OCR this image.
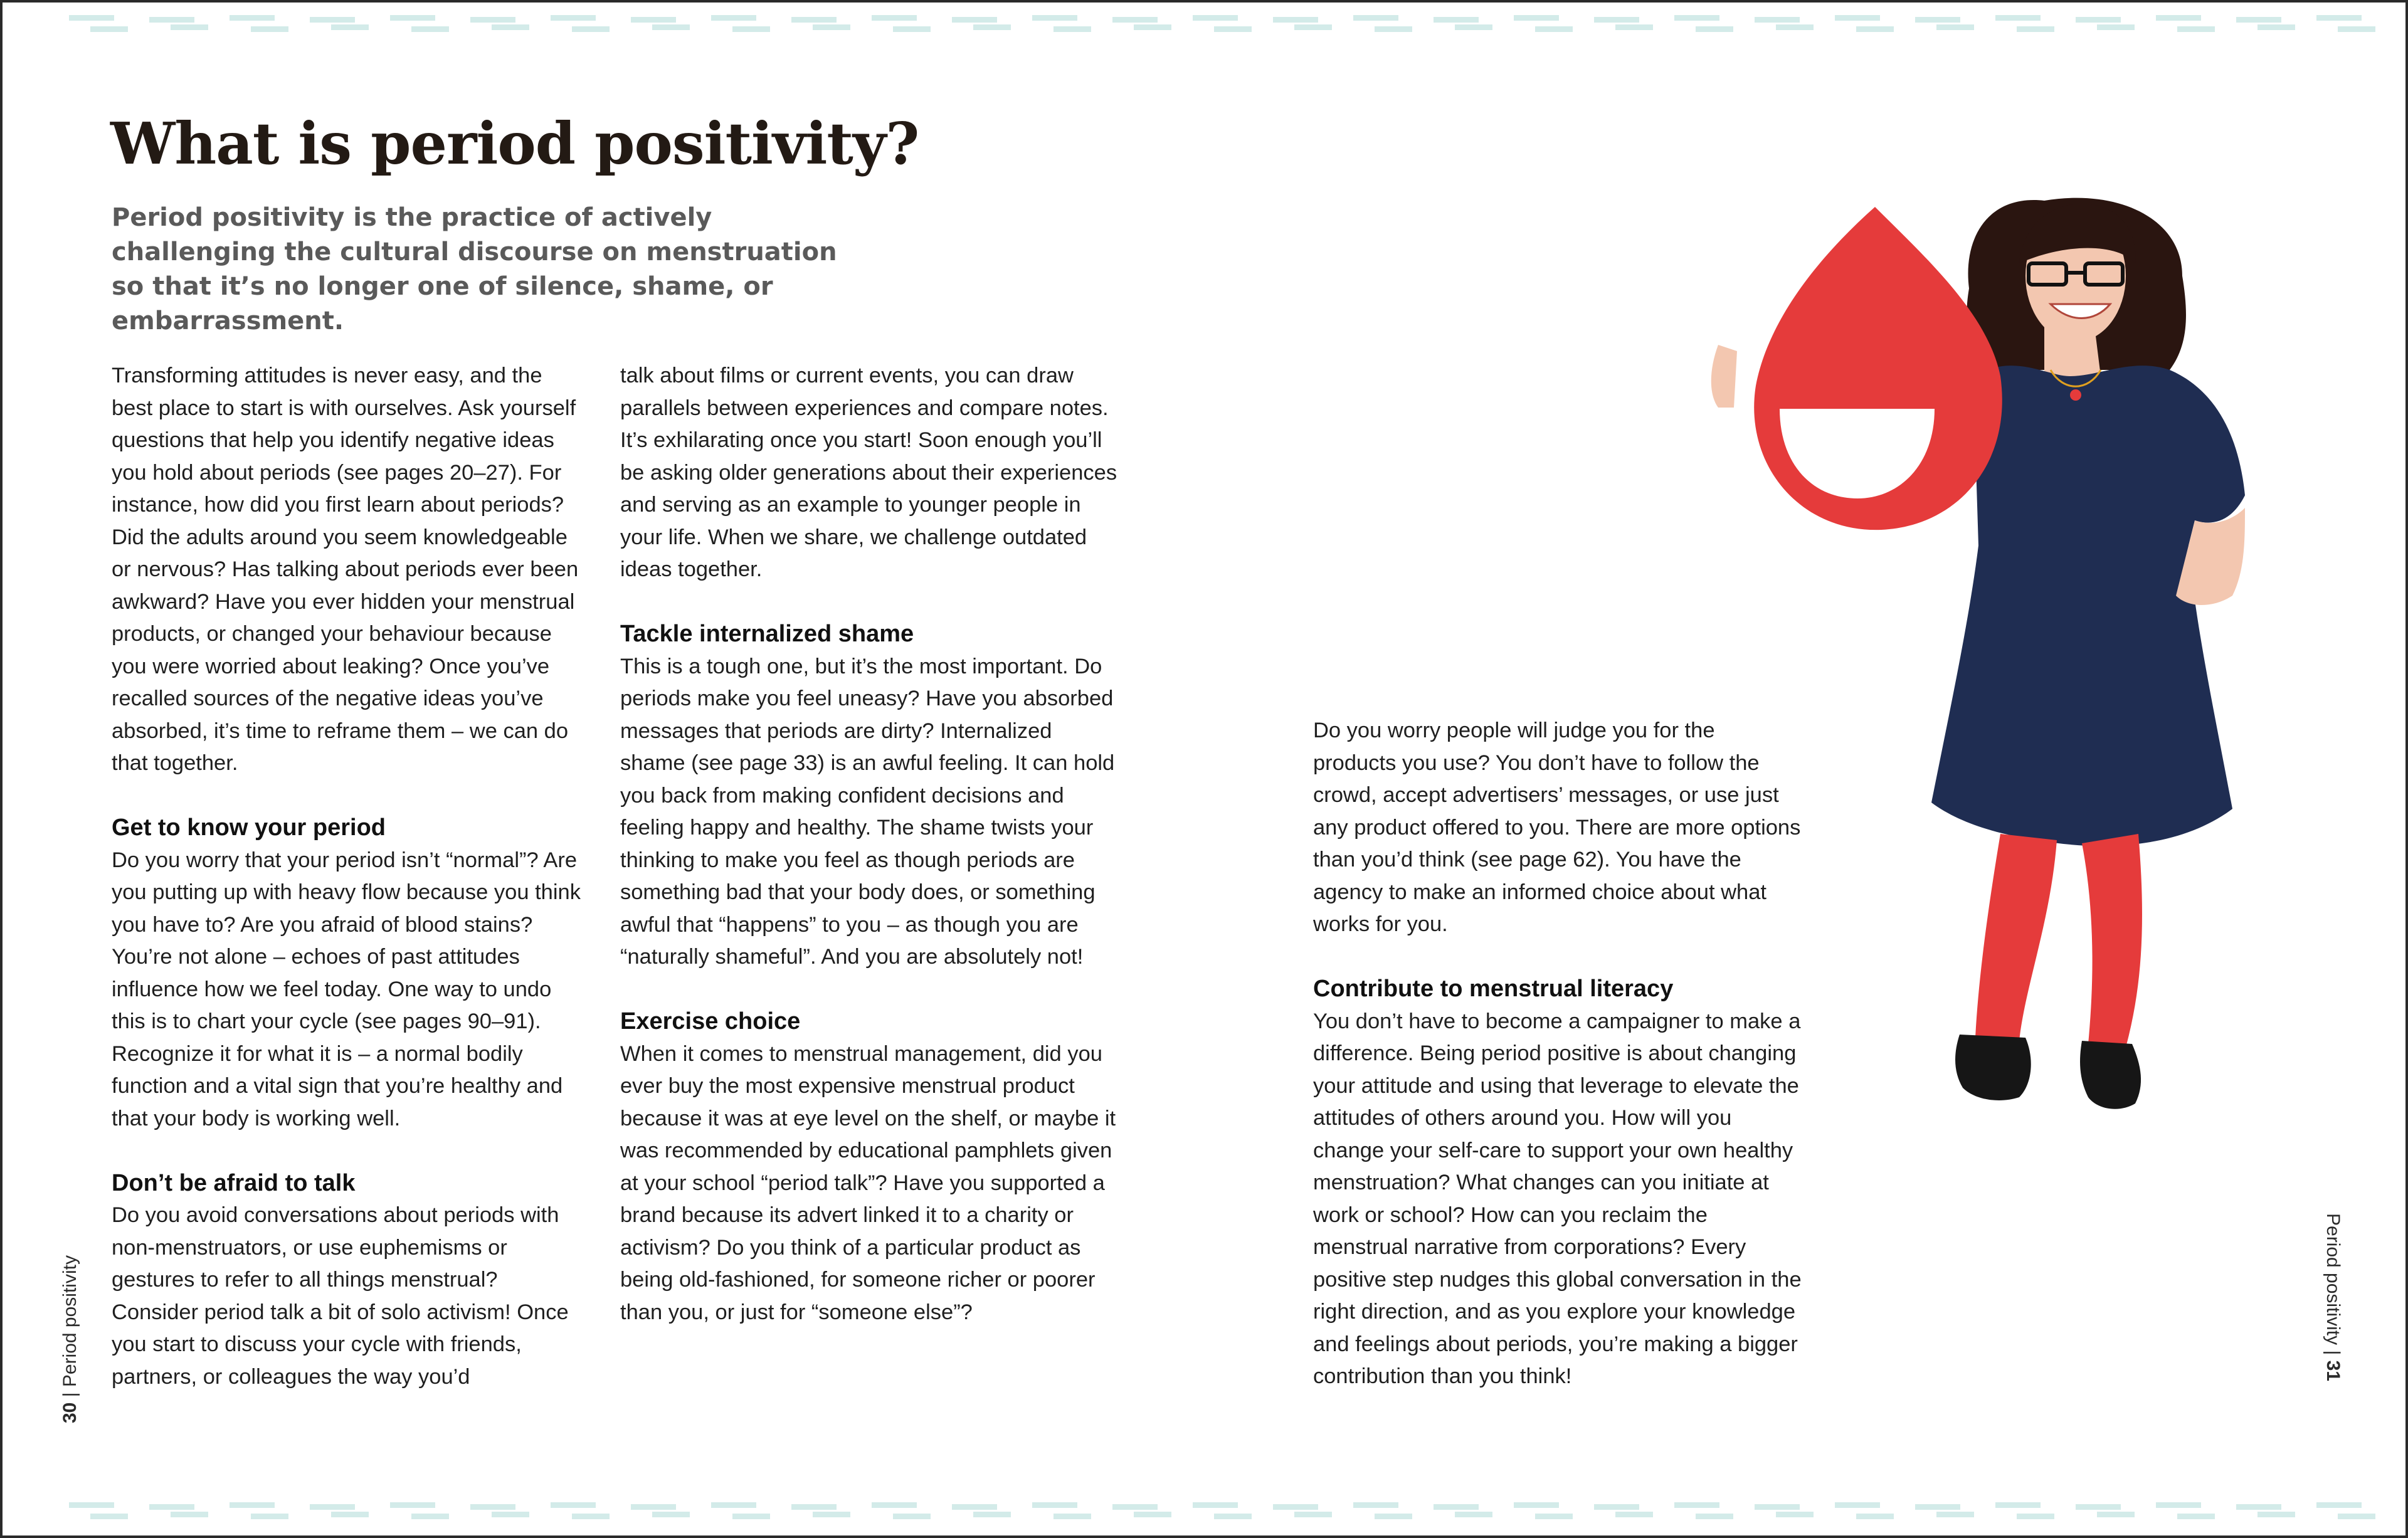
What is period positivity?

Period positivity is the practice of actively challenging the cultural discourse on menstruation so that it’s no longer one of silence, shame, or embarrassment.

Transforming attitudes is never easy, and the best place to start is with ourselves. Ask yourself questions that help you identify negative ideas you hold about periods (see pages 20–27). For instance, how did you first learn about periods? Did the adults around you seem knowledgeable or nervous? Has talking about periods ever been awkward? Have you ever hidden your menstrual products, or changed your behaviour because you were worried about leaking? Once you’ve recalled sources of the negative ideas you’ve absorbed, it’s time to reframe them – we can do that together.

Get to know your period

Do you worry that your period isn’t “normal”? Are you putting up with heavy flow because you think you have to? Are you afraid of blood stains? You’re not alone – echoes of past attitudes influence how we feel today. One way to undo this is to chart your cycle (see pages 90–91). Recognize it for what it is – a normal bodily function and a vital sign that you’re healthy and that your body is working well.

Don’t be afraid to talk

Do you avoid conversations about periods with non-menstruators, or use euphemisms or gestures to refer to all things menstrual? Consider period talk a bit of solo activism! Once you start to discuss your cycle with friends, partners, or colleagues the way you’d

talk about films or current events, you can draw parallels between experiences and compare notes. It’s exhilarating once you start! Soon enough you’ll be asking older generations about their experiences and serving as an example to younger people in your life. When we share, we challenge outdated ideas together.

Tackle internalized shame

This is a tough one, but it’s the most important. Do periods make you feel uneasy? Have you absorbed messages that periods are dirty? Internalized shame (see page 33) is an awful feeling. It can hold you back from making confident decisions and feeling happy and healthy. The shame twists your thinking to make you feel as though periods are something bad that your body does, or something awful that “happens” to you – as though you are “naturally shameful”. And you are absolutely not!

Exercise choice

When it comes to menstrual management, did you ever buy the most expensive menstrual product because it was at eye level on the shelf, or maybe it was recommended by educational pamphlets given at your school “period talk”? Have you supported a brand because its advert linked it to a charity or activism? Do you think of a particular product as being old-fashioned, for someone richer or poorer than you, or just for “someone else”?

Do you worry people will judge you for the products you use? You don’t have to follow the crowd, accept advertisers’ messages, or use just any product offered to you. There are more options than you’d think (see page 62). You have the agency to make an informed choice about what works for you.

Contribute to menstrual literacy

You don’t have to become a campaigner to make a difference. Being period positive is about changing your attitude and using that leverage to elevate the attitudes of others around you. How will you change your self-care to support your own healthy menstruation? What changes can you initiate at work or school? How can you reclaim the menstrual narrative from corporations? Every positive step nudges this global conversation in the right direction, and as you explore your knowledge and feelings about periods, you’re making a bigger contribution than you think!

30 | Period positivity	Period positivity | 31
